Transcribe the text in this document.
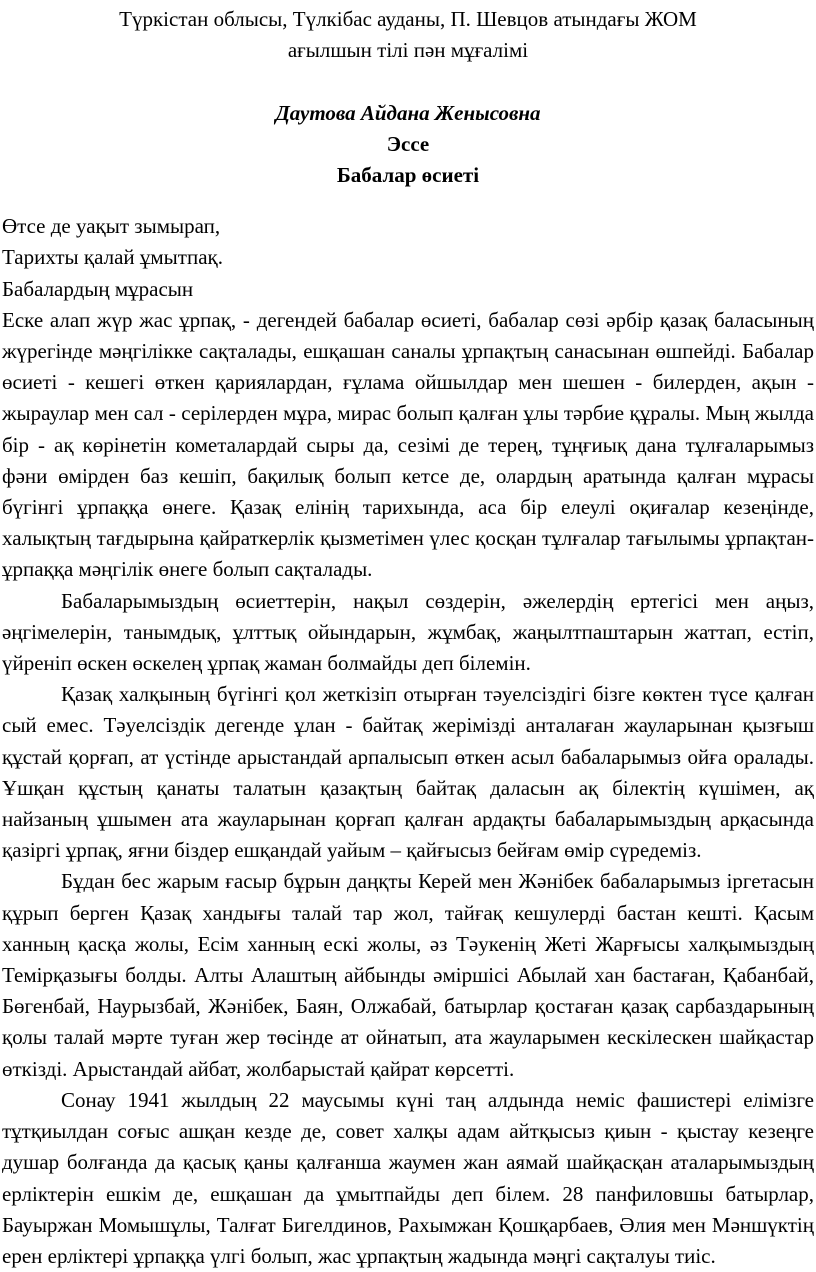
Түркістан облысы, Түлкібас ауданы, П. Шевцов атындағы ЖОМ

ағылшын тілі пән мұғалімі

Даутова Айдана Женысовна

Эссе

Бабалар өсиеті

Өтсе де уақыт зымырап,

Тарихты қалай ұмытпақ.

Бабалардың мұрасын

Еске алап жүр жас ұрпақ, - дегендей бабалар өсиеті, бабалар сөзі әрбір қазақ баласының жүрегінде мәңгілікке сақталады, ешқашан саналы ұрпақтың санасынан өшпейді. Бабалар өсиеті - кешегі өткен қариялардан, ғұлама ойшылдар мен шешен - билерден, ақын - жыраулар мен сал - серілерден мұра, мирас болып қалған ұлы тәрбие құралы. Мың жылда бір - ақ көрінетін кометалардай сыры да, сезімі де терең, тұңғиық дана тұлғаларымыз фәни өмірден баз кешіп, бақилық болып кетсе де, олардың аратында қалған мұрасы бүгінгі ұрпаққа өнеге. Қазақ елінің тарихында, аса бір елеулі оқиғалар кезеңінде, халықтың тағдырына қайраткерлік қызметімен үлес қосқан тұлғалар тағылымы ұрпақтан-ұрпаққа мәңгілік өнеге болып сақталады.

Бабаларымыздың өсиеттерін, нақыл сөздерін, әжелердің ертегісі мен аңыз, әңгімелерін, танымдық, ұлттық ойындарын, жұмбақ, жаңылтпаштарын жаттап, естіп, үйреніп өскен өскелең ұрпақ жаман болмайды деп білемін.

Қазақ халқының бүгінгі қол жеткізіп отырған тәуелсіздігі бізге көктен түсе қалған сый емес. Тәуелсіздік дегенде ұлан - байтақ жерімізді анталаған жауларынан қызғыш құстай қорғап, ат үстінде арыстандай арпалысып өткен асыл бабаларымыз ойға оралады. Ұшқан құстың қанаты талатын қазақтың байтақ даласын ақ білектің күшімен, ақ найзаның ұшымен ата жауларынан қорғап қалған ардақты бабаларымыздың арқасында қазіргі ұрпақ, яғни біздер ешқандай уайым – қайғысыз бейғам өмір сүредеміз.

Бұдан бес жарым ғасыр бұрын даңқты Керей мен Жәнібек бабаларымыз іргетасын құрып берген Қазақ хандығы талай тар жол, тайғақ кешулерді бастан кешті. Қасым ханның қасқа жолы, Есім ханның ескі жолы, әз Тәукенің Жеті Жарғысы халқымыздың Темірқазығы болды. Алты Алаштың айбынды әміршісі Абылай хан бастаған, Қабанбай, Бөгенбай, Наурызбай, Жәнібек, Баян, Олжабай, батырлар қостаған қазақ сарбаздарының қолы талай мәрте туған жер төсінде ат ойнатып, ата жауларымен кескілескен шайқастар өткізді. Арыстандай айбат, жолбарыстай қайрат көрсетті.

Сонау 1941 жылдың 22 маусымы күні таң алдында неміс фашистері елімізге тұтқиылдан соғыс ашқан кезде де, совет халқы адам айтқысыз қиын - қыстау кезеңге душар болғанда да қасық қаны қалғанша жаумен жан аямай шайқасқан аталарымыздың ерліктерін ешкім де, ешқашан да ұмытпайды деп білем. 28 панфиловшы батырлар, Бауыржан Момышұлы, Талғат Бигелдинов, Рахымжан Қошқарбаев, Әлия мен Мәншүктің ерен ерліктері ұрпаққа үлгі болып, жас ұрпақтың жадында мәңгі сақталуы тиіс.
